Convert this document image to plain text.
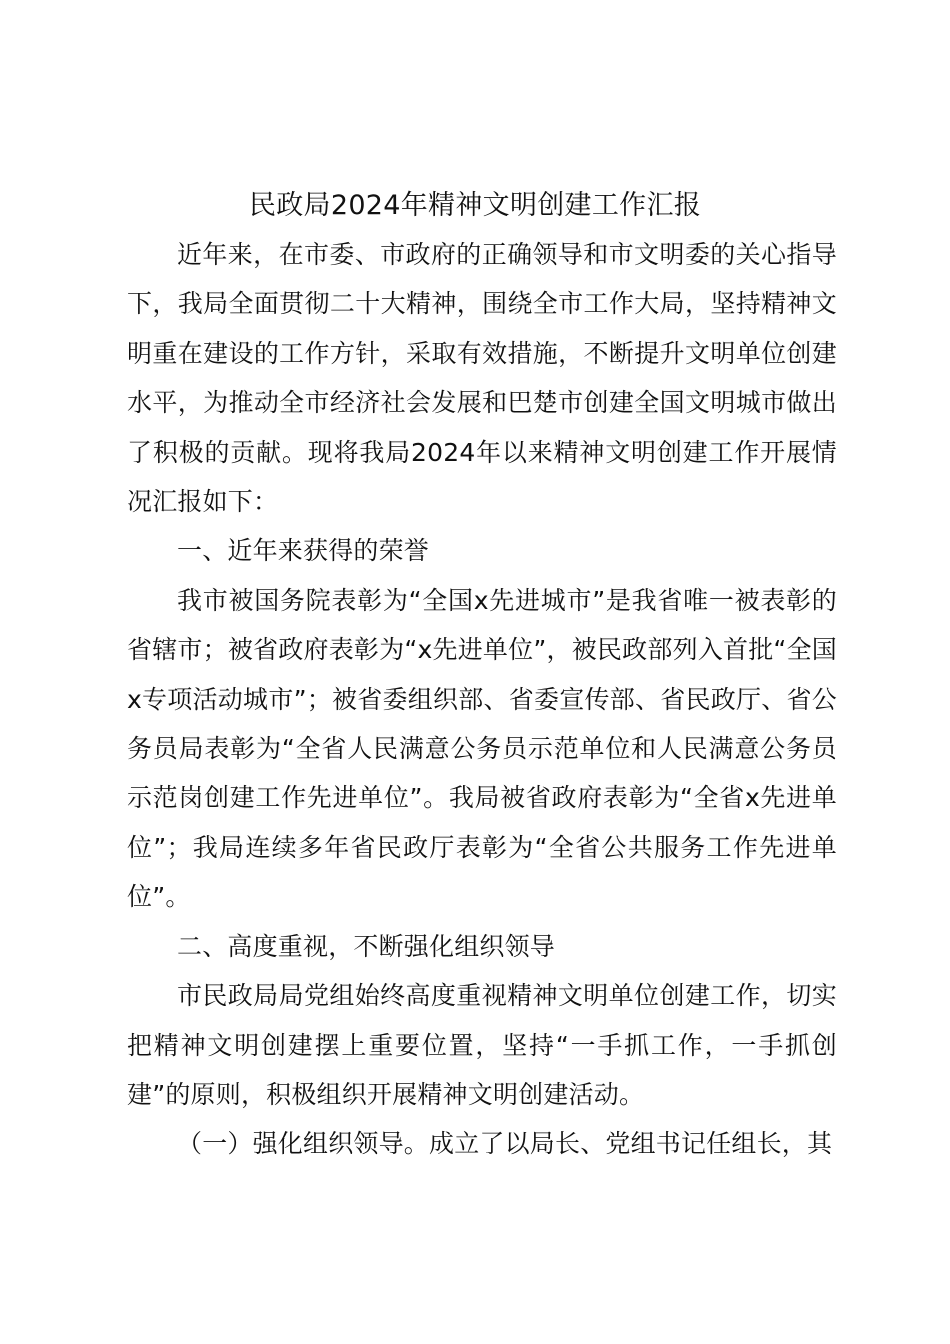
民政局2024年精神文明创建工作汇报

近年来，在市委、市政府的正确领导和市文明委的关心指导下，我局全面贯彻二十大精神，围绕全市工作大局，坚持精神文明重在建设的工作方针，采取有效措施，不断提升文明单位创建水平，为推动全市经济社会发展和巴楚市创建全国文明城市做出了积极的贡献。现将我局2024年以来精神文明创建工作开展情况汇报如下：

一、近年来获得的荣誉

我市被国务院表彰为“全国x先进城市”是我省唯一被表彰的省辖市；被省政府表彰为“x先进单位”，被民政部列入首批“全国x专项活动城市”；被省委组织部、省委宣传部、省民政厅、省公务员局表彰为“全省人民满意公务员示范单位和人民满意公务员示范岗创建工作先进单位”。我局被省政府表彰为“全省x先进单位”；我局连续多年省民政厅表彰为“全省公共服务工作先进单位”。

二、高度重视，不断强化组织领导

市民政局局党组始终高度重视精神文明单位创建工作，切实把精神文明创建摆上重要位置，坚持“一手抓工作，一手抓创建”的原则，积极组织开展精神文明创建活动。

（一）强化组织领导。成立了以局长、党组书记任组长，其
